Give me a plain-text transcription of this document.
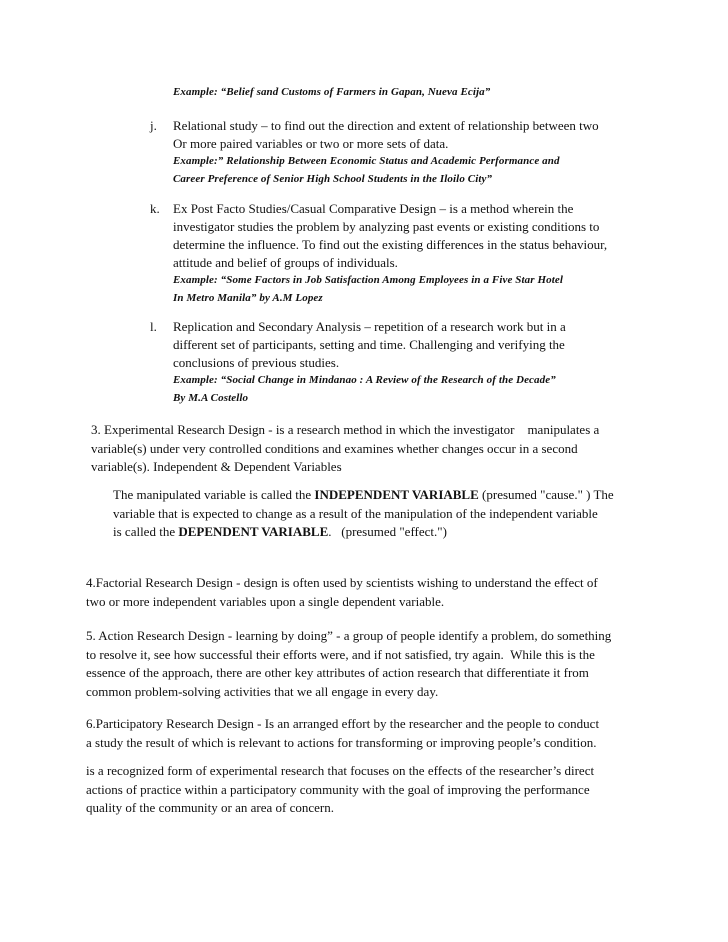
Example: “Belief sand Customs of Farmers in Gapan, Nueva Ecija”
j.	Relational study – to find out the direction and extent of relationship between two
Or more paired variables or two or more sets of data.
Example:” Relationship Between Economic Status and Academic Performance and
Career Preference of Senior High School Students in the Iloilo City”
k.	Ex Post Facto Studies/Casual Comparative Design – is a method wherein the
investigator studies the problem by analyzing past events or existing conditions to
determine the influence. To find out the existing differences in the status behaviour,
attitude and belief of groups of individuals.
Example: “Some Factors in Job Satisfaction Among Employees in a Five Star Hotel
In Metro Manila” by A.M Lopez
l.	Replication and Secondary Analysis – repetition of a research work but in a
different set of participants, setting and time. Challenging and verifying the
conclusions of previous studies.
Example: “Social Change in Mindanao : A Review of the Research of the Decade”
By M.A Costello
3. Experimental Research Design - is a research method in which the investigator    manipulates a
variable(s) under very controlled conditions and examines whether changes occur in a second
variable(s). Independent & Dependent Variables
The manipulated variable is called the INDEPENDENT VARIABLE (presumed "cause." ) The
variable that is expected to change as a result of the manipulation of the independent variable
is called the DEPENDENT VARIABLE.   (presumed "effect.")
4.Factorial Research Design - design is often used by scientists wishing to understand the effect of
two or more independent variables upon a single dependent variable.
5. Action Research Design - learning by doing” - a group of people identify a problem, do something
to resolve it, see how successful their efforts were, and if not satisfied, try again.  While this is the
essence of the approach, there are other key attributes of action research that differentiate it from
common problem-solving activities that we all engage in every day.
6.Participatory Research Design - Is an arranged effort by the researcher and the people to conduct
a study the result of which is relevant to actions for transforming or improving people’s condition.
is a recognized form of experimental research that focuses on the effects of the researcher’s direct
actions of practice within a participatory community with the goal of improving the performance
quality of the community or an area of concern.
